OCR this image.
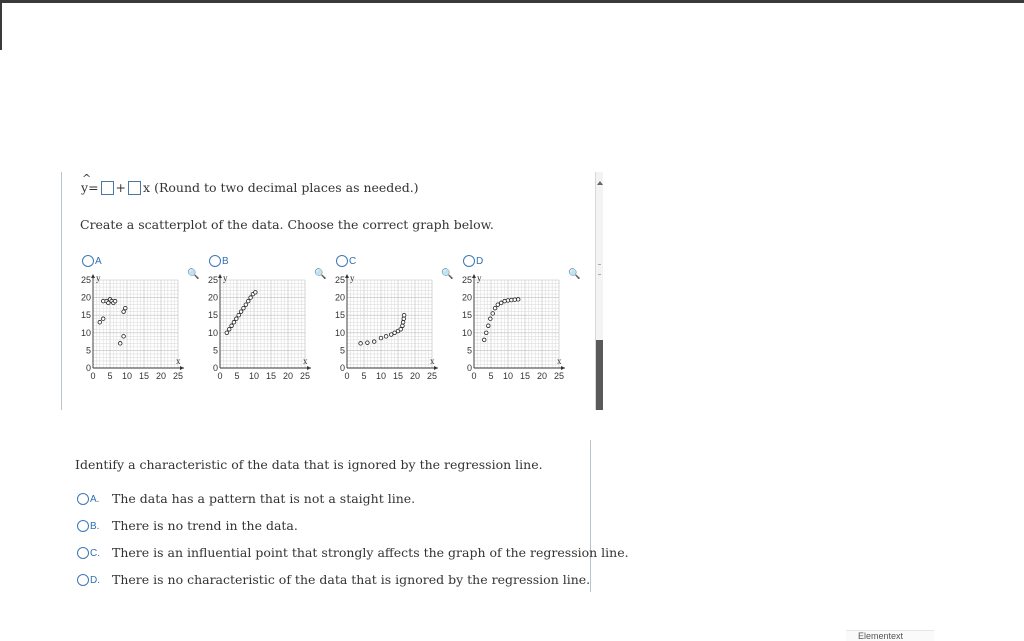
^ y= + x (Round to two decimal places as needed.)
Create a scatterplot of the data. Choose the correct graph below.
A
🔍
y
x
0
5
10
15
20
25
0 5 10 15 20 25
B
🔍
y
x
0
5
10
15
20
25
0 5 10 15 20 25
C
🔍
y
x
0
5
10
15
20
25
0 5 10 15 20 25
D
🔍
y
x
0
5
10
15
20
25
0 5 10 15 20 25
Identify a characteristic of the data that is ignored by the regression line.
A. The data has a pattern that is not a staight line.
B. There is no trend in the data.
C. There is an influential point that strongly affects the graph of the regression line.
D. There is no characteristic of the data that is ignored by the regression line.
Elementext
